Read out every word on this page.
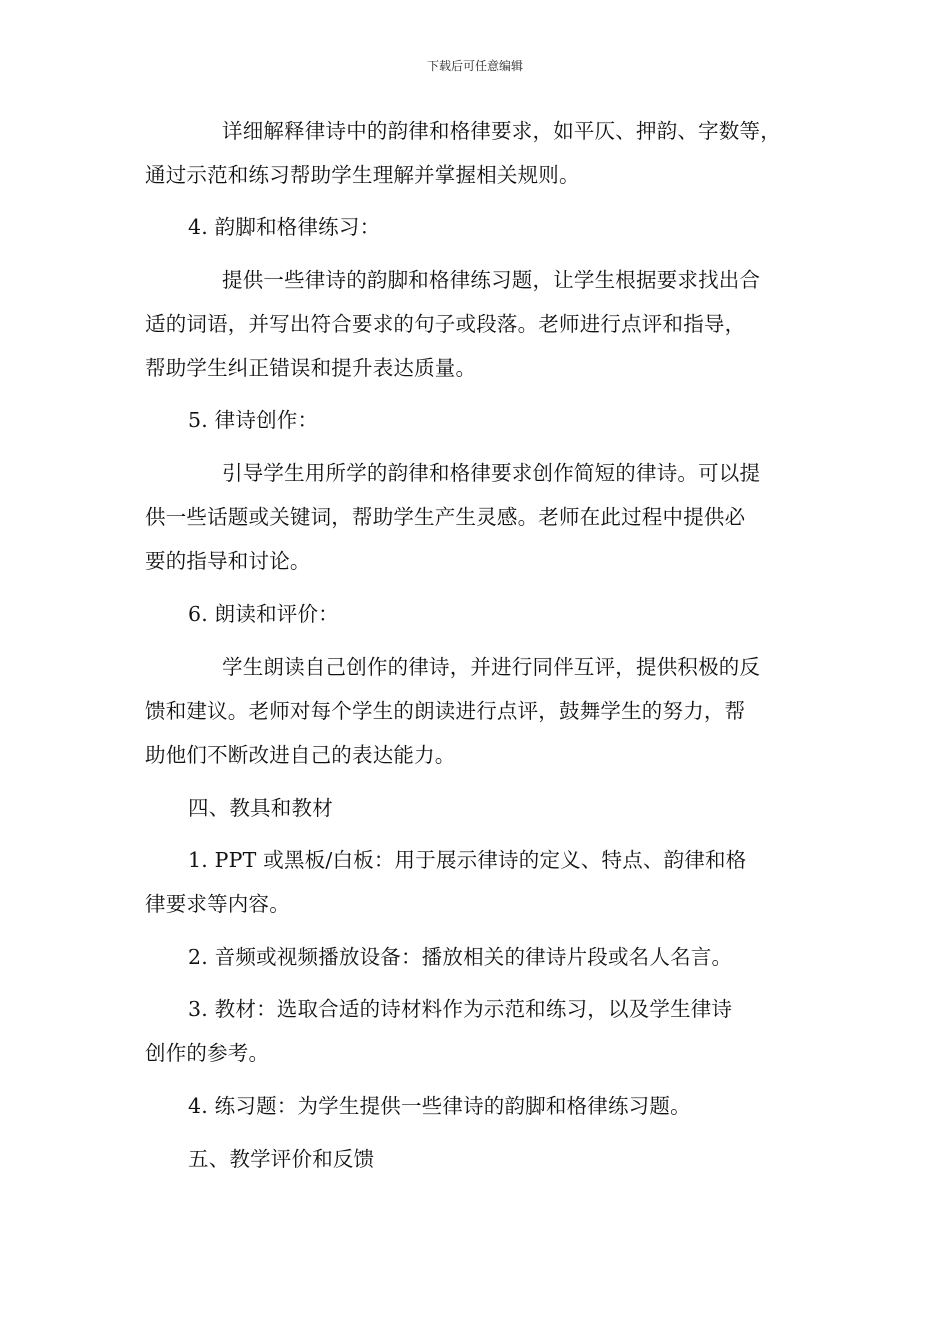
下载后可任意编辑
详细解释律诗中的韵律和格律要求，如平仄、押韵、字数等，
通过示范和练习帮助学生理解并掌握相关规则。
4. 韵脚和格律练习：
提供一些律诗的韵脚和格律练习题，让学生根据要求找出合
适的词语，并写出符合要求的句子或段落。老师进行点评和指导，
帮助学生纠正错误和提升表达质量。
5. 律诗创作：
引导学生用所学的韵律和格律要求创作简短的律诗。可以提
供一些话题或关键词，帮助学生产生灵感。老师在此过程中提供必
要的指导和讨论。
6. 朗读和评价：
学生朗读自己创作的律诗，并进行同伴互评，提供积极的反
馈和建议。老师对每个学生的朗读进行点评，鼓舞学生的努力，帮
助他们不断改进自己的表达能力。
四、教具和教材
1. PPT 或黑板/白板：用于展示律诗的定义、特点、韵律和格
律要求等内容。
2. 音频或视频播放设备：播放相关的律诗片段或名人名言。
3. 教材：选取合适的诗材料作为示范和练习，以及学生律诗
创作的参考。
4. 练习题：为学生提供一些律诗的韵脚和格律练习题。
五、教学评价和反馈
